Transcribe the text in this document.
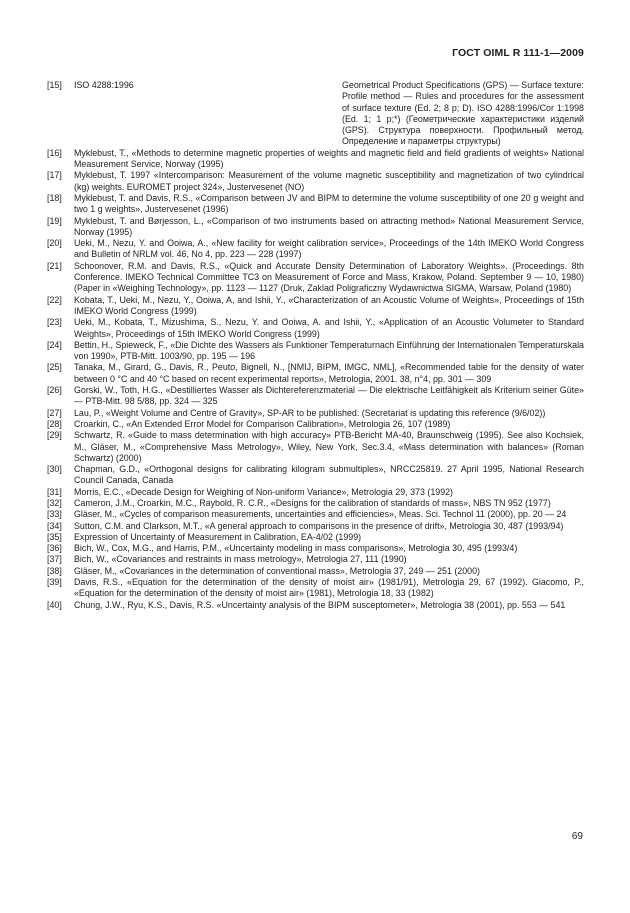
ГОСТ OIML R 111-1—2009
[15]	ISO 4288:1996	Geometrical Product Specifications (GPS) — Surface texture: Profile method — Rules and procedures for the assessment of surface texture (Ed. 2; 8 p; D). ISO 4288:1996/Cor 1:1998 (Ed. 1; 1 p;*) (Геометрические характеристики изделий (GPS). Структура поверхности. Профильный метод. Определение и параметры структуры)
[16]	Myklebust, T., «Methods to determine magnetic properties of weights and magnetic field and field gradients of weights» National Measurement Service, Norway (1995)
[17]	Myklebust, T. 1997 «Intercomparison: Measurement of the volume magnetic susceptibility and magnetization of two cylindrical (kg) weights. EUROMET project 324», Justervesenet (NO)
[18]	Myklebust, T. and Davis, R.S., «Comparison between JV and BIPM to determine the volume susceptibility of one 20 g weight and two 1 g weights», Justervesenet (1996)
[19]	Myklebust, T. and Børjesson, L., «Comparison of two instruments based on attracting method» National Measurement Service, Norway (1995)
[20]	Ueki, M., Nezu, Y. and Ooiwa, A., «New facility for weight calibration service», Proceedings of the 14th IMEKO World Congress and Bulletin of NRLM vol. 46, No 4, pp. 223 — 228 (1997)
[21]	Schoonover, R.M. and Davis, R.S., «Quick and Accurate Density Determination of Laboratory Weights». (Proceedings. 8th Conference. IMEKO Technical Committee TC3 on Measurement of Force and Mass, Krakow, Poland. September 9 — 10, 1980) (Paper in «Weighing Technology», pp. 1123 — 1127 (Druk, Zaklad Poligraficzny Wydawnictwa SIGMA, Warsaw, Poland (1980)
[22]	Kobata, T., Ueki, M., Nezu, Y., Ooiwa, A, and Ishii, Y., «Characterization of an Acoustic Volume of Weights», Proceedings of 15th IMEKO World Congress (1999)
[23]	Ueki, M., Kobata, T., Mizushima, S., Nezu, Y. and Ooiwa, A. and Ishii, Y., «Application of an Acoustic Volumeter to Standard Weights», Proceedings of 15th IMEKO World Congress (1999)
[24]	Bettin, H., Spieweck, F., «Die Dichte des Wassers als Funktioner Temperaturnach Einführung der Internationalen Temperaturskala von 1990», PTB-Mitt. 1003/90, pp. 195 — 196
[25]	Tanaka, M., Girard, G., Davis, R., Peuto, Bignell, N., [NMIJ, BIPM, IMGC, NML], «Recommended table for the density of water between 0 °C and 40 °C based on recent experimental reports», Metrologia, 2001. 38, n°4, pp. 301 — 309
[26]	Gorski, W., Toth, H.G., «Destilliertes Wasser als Dichtereferenzmaterial — Die elektrische Leitfähigkeit als Kriterium seiner Güte» — PTB-Mitt. 98 5/88, pp. 324 — 325
[27]	Lau, P., «Weight Volume and Centre of Gravity», SP-AR to be published. (Secretariat is updating this reference (9/6/02))
[28]	Croarkin, C., «An Extended Error Model for Comparison Calibration», Metrologia 26, 107 (1989)
[29]	Schwartz, R. «Guide to mass determination with high accuracy» PTB-Bericht MA-40, Braunschweig (1995). See also Kochsiek, M., Gläser, M., «Comprehensive Mass Metrology», Wiley, New York, Sec.3.4, «Mass determination with balances» (Roman Schwartz) (2000)
[30]	Chapman, G.D., «Orthogonal designs for calibrating kilogram submultiples», NRCC25819. 27 April 1995, National Research Council Canada, Canada
[31]	Morris, E.C., «Decade Design for Weighing of Non-uniform Variance», Metrologia 29, 373 (1992)
[32]	Cameron, J.M., Croarkin, M.C., Raybold, R. C.R., «Designs for the calibration of standards of mass», NBS TN 952 (1977)
[33]	Gläser, M., «Cycles of comparison measurements, uncertainties and efficiencies», Meas. Sci. Technol 11 (2000), pp. 20 — 24
[34]	Sutton, C.M. and Clarkson, M.T., «A general approach to comparisons in the presence of drift», Metrologia 30, 487 (1993/94)
[35]	Expression of Uncertainty of Measurement in Calibration, EA-4/02 (1999)
[36]	Bich, W., Cox, M.G., and Harris, P.M., «Uncertainty modeling in mass comparisons», Metrologia 30, 495 (1993/4)
[37]	Bich, W., «Covariances and restraints in mass metrology», Metrologia 27, 111 (1990)
[38]	Gläser, M., «Covariances in the determination of conventional mass», Metrologia 37, 249 — 251 (2000)
[39]	Davis, R.S., «Equation for the determination of the density of moist air» (1981/91), Metrologia 29, 67 (1992). Giacomo, P., «Equation for the determination of the density of moist air» (1981), Metrologia 18, 33 (1982)
[40]	Chung, J.W., Ryu, K.S., Davis, R.S. «Uncertainty analysis of the BIPM susceptometer», Metrologia 38 (2001), pp. 553 — 541
69
